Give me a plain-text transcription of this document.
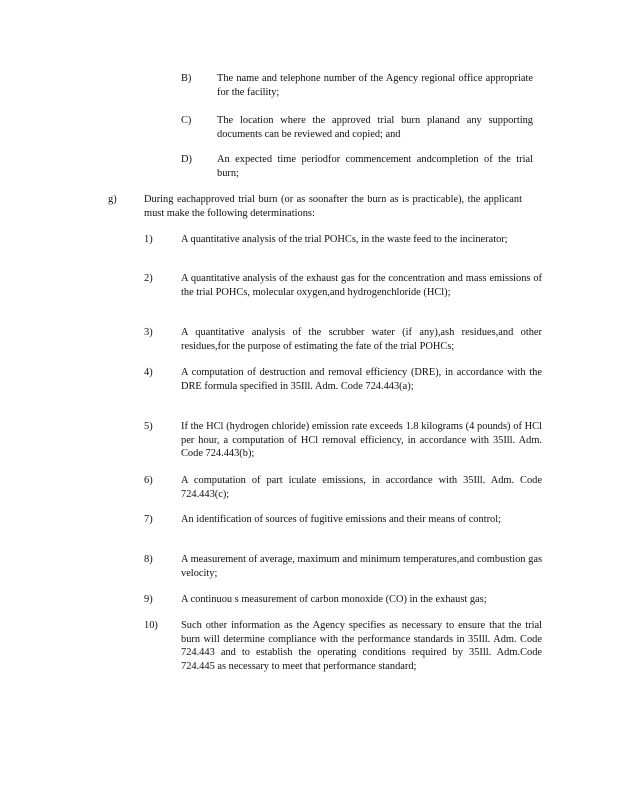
B) The name and telephone number of the Agency regional office appropriate for the facility;

C) The location where the approved trial burn planand any supporting documents can be reviewed and copied; and

D) An expected time periodfor commencement andcompletion of the trial burn;

g)	During eachapproved trial burn (or as soonafter the burn as is practicable), the applicant must make the following determinations:

1)	A quantitative analysis of the trial POHCs, in the waste feed to the incinerator;

2)	A quantitative analysis of the exhaust gas for the concentration and mass emissions of the trial POHCs, molecular oxygen,and hydrogenchloride (HCl);

3)	A quantitative analysis of the scrubber water (if any),ash residues,and other residues,for the purpose of estimating the fate of the trial POHCs;

4)	A computation of destruction and removal efficiency (DRE), in accordance with the DRE formula specified in 35Ill. Adm. Code 724.443(a);

5)	If the HCl (hydrogen chloride) emission rate exceeds 1.8 kilograms (4 pounds) of HCl per hour, a computation of HCl removal efficiency, in accordance with 35Ill. Adm. Code 724.443(b);

6)	A computation of part iculate emissions, in accordance with 35Ill. Adm. Code 724.443(c);

7)	An identification of sources of fugitive emissions and their means of control;

8)	A measurement of average, maximum and minimum temperatures,and combustion gas velocity;

9)	A continuou s measurement of carbon monoxide (CO) in the exhaust gas;

10) Such other information as the Agency specifies as necessary to ensure that the trial burn will determine compliance with the performance standards in 35Ill. Adm. Code 724.443 and to establish the operating conditions required by 35Ill. Adm.Code 724.445 as necessary to meet that performance standard;
